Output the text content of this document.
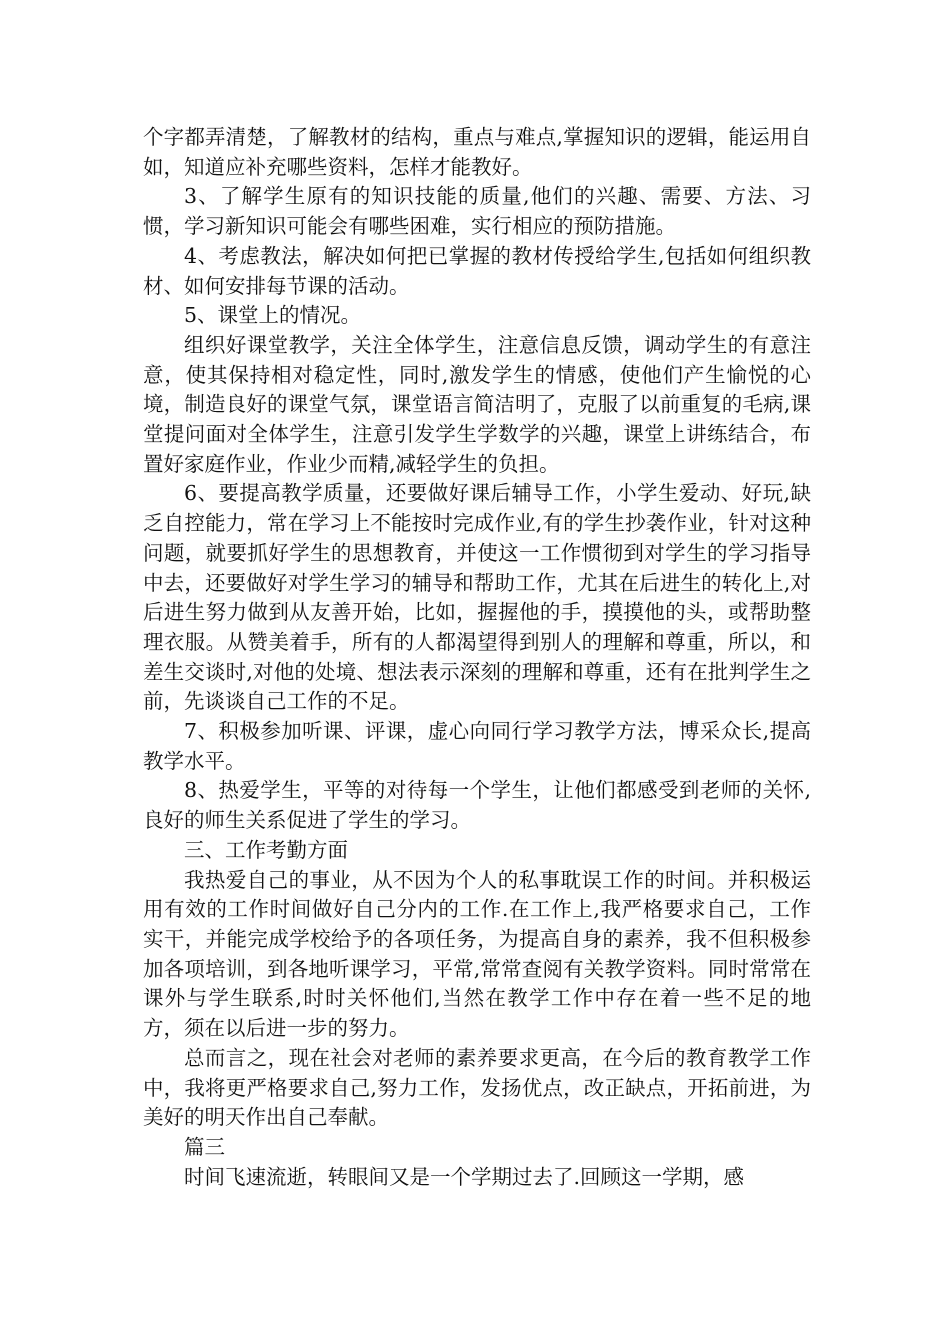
个字都弄清楚，了解教材的结构，重点与难点,掌握知识的逻辑，能运用自如，知道应补充哪些资料，怎样才能教好。

3、了解学生原有的知识技能的质量,他们的兴趣、需要、方法、习惯，学习新知识可能会有哪些困难，实行相应的预防措施。

4、考虑教法，解决如何把已掌握的教材传授给学生,包括如何组织教材、如何安排每节课的活动。

5、课堂上的情况。

组织好课堂教学，关注全体学生，注意信息反馈，调动学生的有意注意，使其保持相对稳定性，同时,激发学生的情感，使他们产生愉悦的心境，制造良好的课堂气氛，课堂语言简洁明了，克服了以前重复的毛病,课堂提问面对全体学生，注意引发学生学数学的兴趣，课堂上讲练结合，布置好家庭作业，作业少而精,减轻学生的负担。

6、要提高教学质量，还要做好课后辅导工作，小学生爱动、好玩,缺乏自控能力，常在学习上不能按时完成作业,有的学生抄袭作业，针对这种问题，就要抓好学生的思想教育，并使这一工作惯彻到对学生的学习指导中去，还要做好对学生学习的辅导和帮助工作，尤其在后进生的转化上,对后进生努力做到从友善开始，比如，握握他的手，摸摸他的头，或帮助整理衣服。从赞美着手，所有的人都渴望得到别人的理解和尊重，所以，和差生交谈时,对他的处境、想法表示深刻的理解和尊重，还有在批判学生之前，先谈谈自己工作的不足。

7、积极参加听课、评课，虚心向同行学习教学方法，博采众长,提高教学水平。

8、热爱学生，平等的对待每一个学生，让他们都感受到老师的关怀,良好的师生关系促进了学生的学习。

三、工作考勤方面

我热爱自己的事业，从不因为个人的私事耽误工作的时间。并积极运用有效的工作时间做好自己分内的工作.在工作上,我严格要求自己，工作实干，并能完成学校给予的各项任务，为提高自身的素养，我不但积极参加各项培训，到各地听课学习，平常,常常查阅有关教学资料。同时常常在课外与学生联系,时时关怀他们,当然在教学工作中存在着一些不足的地方，须在以后进一步的努力。

总而言之，现在社会对老师的素养要求更高，在今后的教育教学工作中，我将更严格要求自己,努力工作，发扬优点，改正缺点，开拓前进，为美好的明天作出自己奉献。

篇三

时间飞速流逝，转眼间又是一个学期过去了.回顾这一学期，感
